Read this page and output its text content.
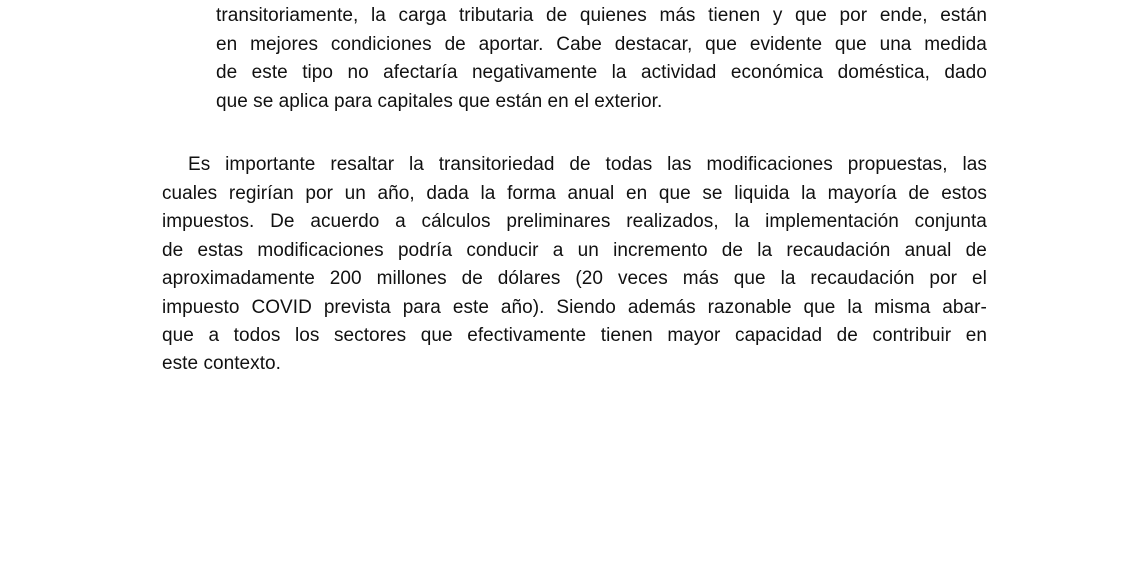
transitoriamente, la carga tributaria de quienes más tienen y que por ende, están
en mejores condiciones de aportar. Cabe destacar, que evidente que una medida
de este tipo no afectaría negativamente la actividad económica doméstica, dado
que se aplica para capitales que están en el exterior.
Es importante resaltar la transitoriedad de todas las modificaciones propuestas, las
cuales regirían por un año, dada la forma anual en que se liquida la mayoría de estos
impuestos. De acuerdo a cálculos preliminares realizados, la implementación conjunta
de estas modificaciones podría conducir a un incremento de la recaudación anual de
aproximadamente 200 millones de dólares (20 veces más que la recaudación por el
impuesto COVID prevista para este año). Siendo además razonable que la misma abar-
que a todos los sectores que efectivamente tienen mayor capacidad de contribuir en
este contexto.
